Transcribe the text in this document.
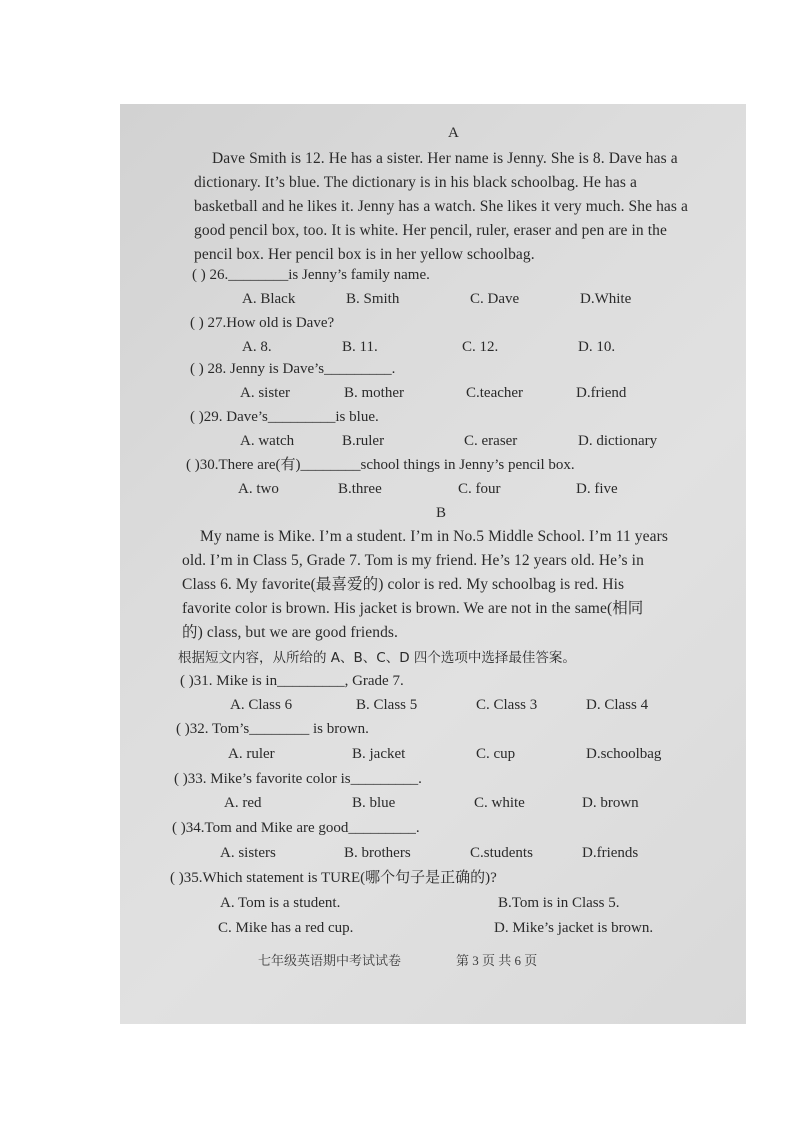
A
Dave Smith is 12. He has a sister. Her name is Jenny. She is 8. Dave has a
dictionary. It’s blue. The dictionary is in his black schoolbag. He has a
basketball and he likes it. Jenny has a watch. She likes it very much. She has a
good pencil box, too. It is white. Her pencil, ruler, eraser and pen are in the
pencil box. Her pencil box is in her yellow schoolbag.
( ) 26.________is Jenny’s family name.
A. Black	B. Smith	C. Dave	D.White
( ) 27.How old is Dave?
A. 8.	B. 11.	C. 12.	D. 10.
( ) 28. Jenny is Dave’s_________.
A. sister	B. mother	C.teacher	D.friend
( )29. Dave’s_________is blue.
A. watch	B.ruler	C. eraser	D. dictionary
( )30.There are(有)________school things in Jenny’s pencil box.
A. two	B.three	C. four	D. five
B
My name is Mike. I’m a student. I’m in No.5 Middle School. I’m 11 years
old. I’m in Class 5, Grade 7. Tom is my friend. He’s 12 years old. He’s in
Class 6. My favorite(最喜爱的) color is red. My schoolbag is red. His
favorite color is brown. His jacket is brown. We are not in the same(相同
的) class, but we are good friends.
根据短文内容，从所给的 A、B、C、D 四个选项中选择最佳答案。
( )31. Mike is in_________, Grade 7.
A. Class 6	B. Class 5	C. Class 3	D. Class 4
( )32. Tom’s________ is brown.
A. ruler	B. jacket	C. cup	D.schoolbag
( )33. Mike’s favorite color is_________.
A. red	B. blue	C. white	D. brown
( )34.Tom and Mike are good_________.
A. sisters	B. brothers	C.students	D.friends
( )35.Which statement is TURE(哪个句子是正确的)?
A. Tom is a student.	B.Tom is in Class 5.
C. Mike has a red cup.	D. Mike’s jacket is brown.
七年级英语期中考试试卷	第 3 页 共 6 页
